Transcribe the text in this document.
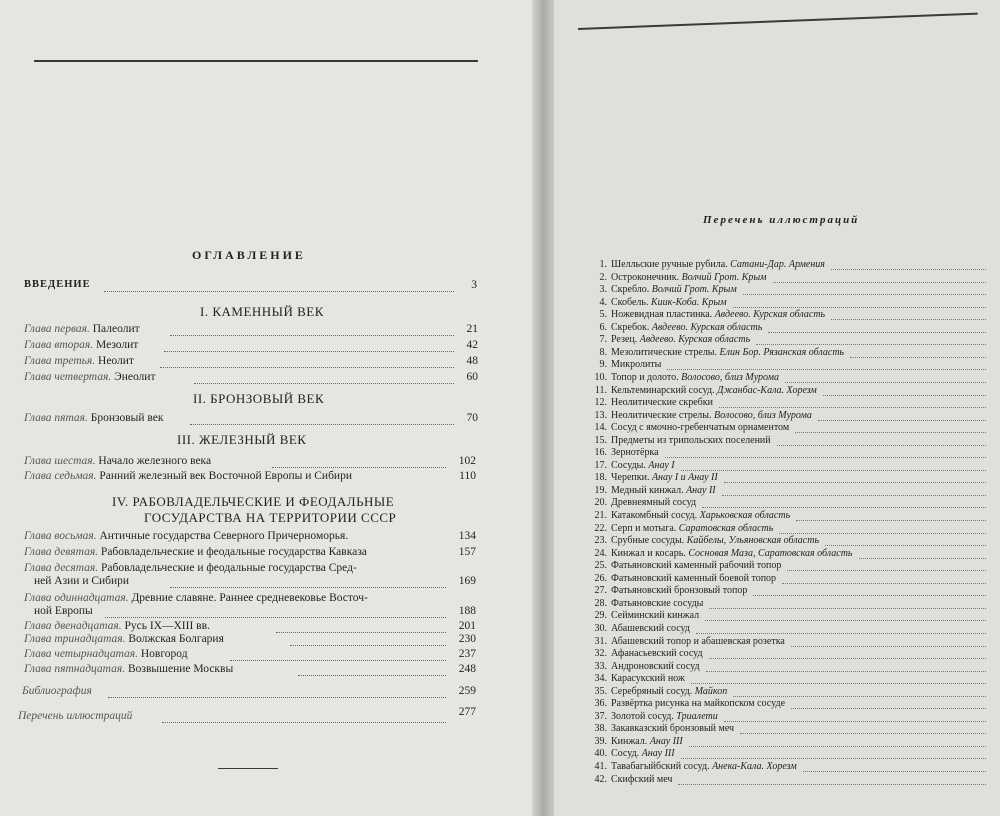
ОГЛАВЛЕНИЕ
ВВЕДЕНИЕ	3
I. КАМЕННЫЙ ВЕК
Глава первая. Палеолит	21
Глава вторая. Мезолит	42
Глава третья. Неолит	48
Глава четвертая. Энеолит	60
II. БРОНЗОВЫЙ ВЕК
Глава пятая. Бронзовый век	70
III. ЖЕЛЕЗНЫЙ ВЕК
Глава шестая. Начало железного века	102
Глава седьмая. Ранний железный век Восточной Европы и Сибири	110
IV. РАБОВЛАДЕЛЬЧЕСКИЕ И ФЕОДАЛЬНЫЕ
ГОСУДАРСТВА НА ТЕРРИТОРИИ СССР
Глава восьмая. Античные государства Северного Причерноморья.	134
Глава девятая. Рабовладельческие и феодальные государства Кавказа	157
Глава десятая. Рабовладельческие и феодальные государства Сред-
ней Азии и Сибири	169
Глава одиннадцатая. Древние славяне. Раннее средневековье Восточ-
ной Европы	188
Глава двенадцатая. Русь IX—XIII вв.	201
Глава тринадцатая. Волжская Болгария	230
Глава четырнадцатая. Новгород	237
Глава пятнадцатая. Возвышение Москвы	248
Библиография	259
Перечень иллюстраций	277
Перечень иллюстраций
1. Шелльские ручные рубила. Сатани-Дар. Армения
2. Остроконечник. Волчий Грот. Крым
3. Скребло. Волчий Грот. Крым
4. Скобель. Киик-Коба. Крым
5. Ножевидная пластинка. Авдеево. Курская область
6. Скребок. Авдеево. Курская область
7. Резец. Авдеево. Курская область
8. Мезолитические стрелы. Елин Бор. Рязанская область
9. Микролиты
10. Топор и долото. Волосово, близ Мурома
11. Кельтеминарский сосуд. Джанбас-Кала. Хорезм
12. Неолитические скребки
13. Неолитические стрелы. Волосово, близ Мурома
14. Сосуд с ямочно-гребенчатым орнаментом
15. Предметы из трипольских поселений
16. Зернотёрка
17. Сосуды. Анау I
18. Черепки. Анау I и Анау II
19. Медный кинжал. Анау II
20. Древнеямный сосуд
21. Катакомбный сосуд. Харьковская область
22. Серп и мотыга. Саратовская область
23. Срубные сосуды. Кайбелы, Ульяновская область
24. Кинжал и косарь. Сосновая Маза, Саратовская область
25. Фатьяновский каменный рабочий топор
26. Фатьяновский каменный боевой топор
27. Фатьяновский бронзовый топор
28. Фатьяновские сосуды
29. Сейминский кинжал
30. Абашевский сосуд
31. Абашевский топор и абашевская розетка
32. Афанасьевский сосуд
33. Андроновский сосуд
34. Карасукский нож
35. Серебряный сосуд. Майкоп
36. Развёртка рисунка на майкопском сосуде
37. Золотой сосуд. Триалети
38. Закавказский бронзовый меч
39. Кинжал. Анау III
40. Сосуд. Анау III
41. Тавабагыйбский сосуд. Анека-Кала. Хорезм
42. Скифский меч
